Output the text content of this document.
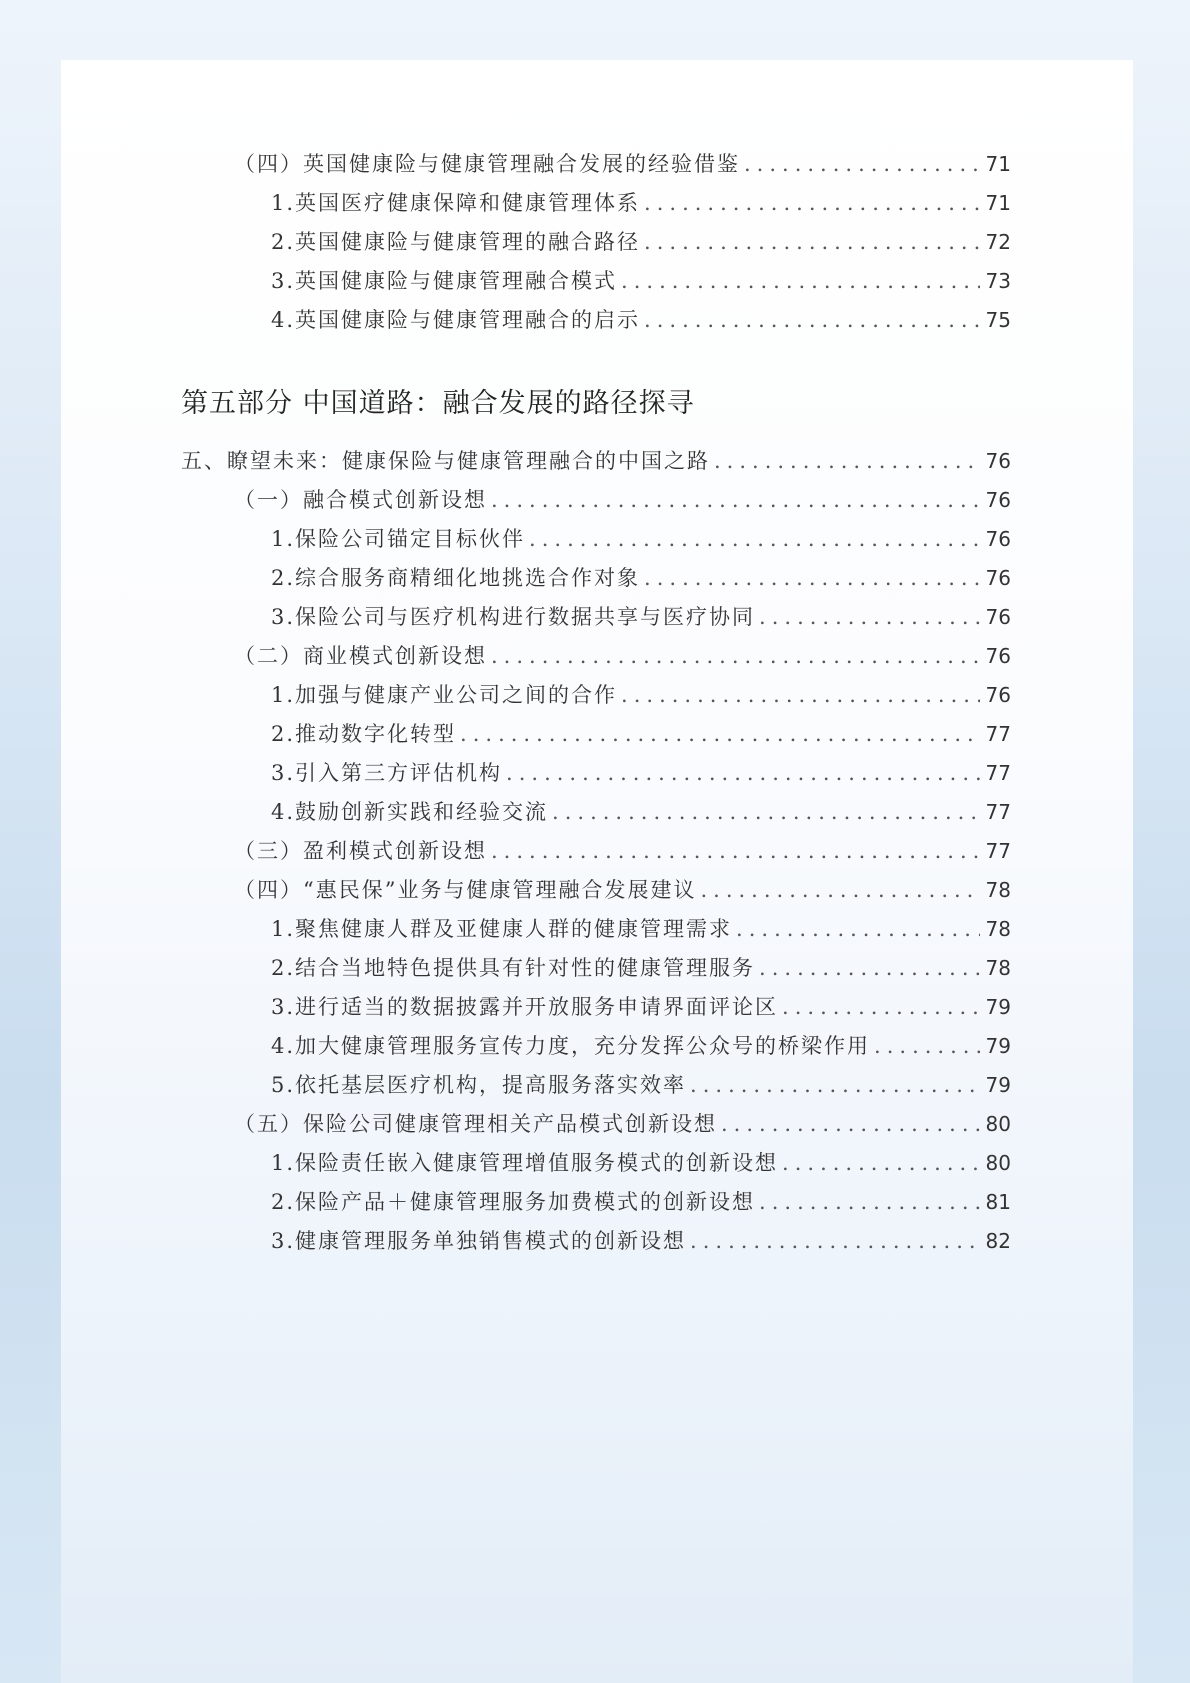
（四）英国健康险与健康管理融合发展的经验借鉴 .....	71
1.英国医疗健康保障和健康管理体系 .....	71
2.英国健康险与健康管理的融合路径 .....	72
3.英国健康险与健康管理融合模式 .....	73
4.英国健康险与健康管理融合的启示 .....	75
第五部分 中国道路：融合发展的路径探寻
五、瞭望未来：健康保险与健康管理融合的中国之路 .....	76
（一）融合模式创新设想 .....	76
1.保险公司锚定目标伙伴 .....	76
2.综合服务商精细化地挑选合作对象 .....	76
3.保险公司与医疗机构进行数据共享与医疗协同 .....	76
（二）商业模式创新设想 .....	76
1.加强与健康产业公司之间的合作 .....	76
2.推动数字化转型 .....	77
3.引入第三方评估机构 .....	77
4.鼓励创新实践和经验交流 .....	77
（三）盈利模式创新设想 .....	77
（四）“惠民保”业务与健康管理融合发展建议 .....	78
1.聚焦健康人群及亚健康人群的健康管理需求 .....	78
2.结合当地特色提供具有针对性的健康管理服务 .....	78
3.进行适当的数据披露并开放服务申请界面评论区 .....	79
4.加大健康管理服务宣传力度，充分发挥公众号的桥梁作用 .....	79
5.依托基层医疗机构，提高服务落实效率 .....	79
（五）保险公司健康管理相关产品模式创新设想 .....	80
1.保险责任嵌入健康管理增值服务模式的创新设想 .....	80
2.保险产品＋健康管理服务加费模式的创新设想 .....	81
3.健康管理服务单独销售模式的创新设想 .....	82
